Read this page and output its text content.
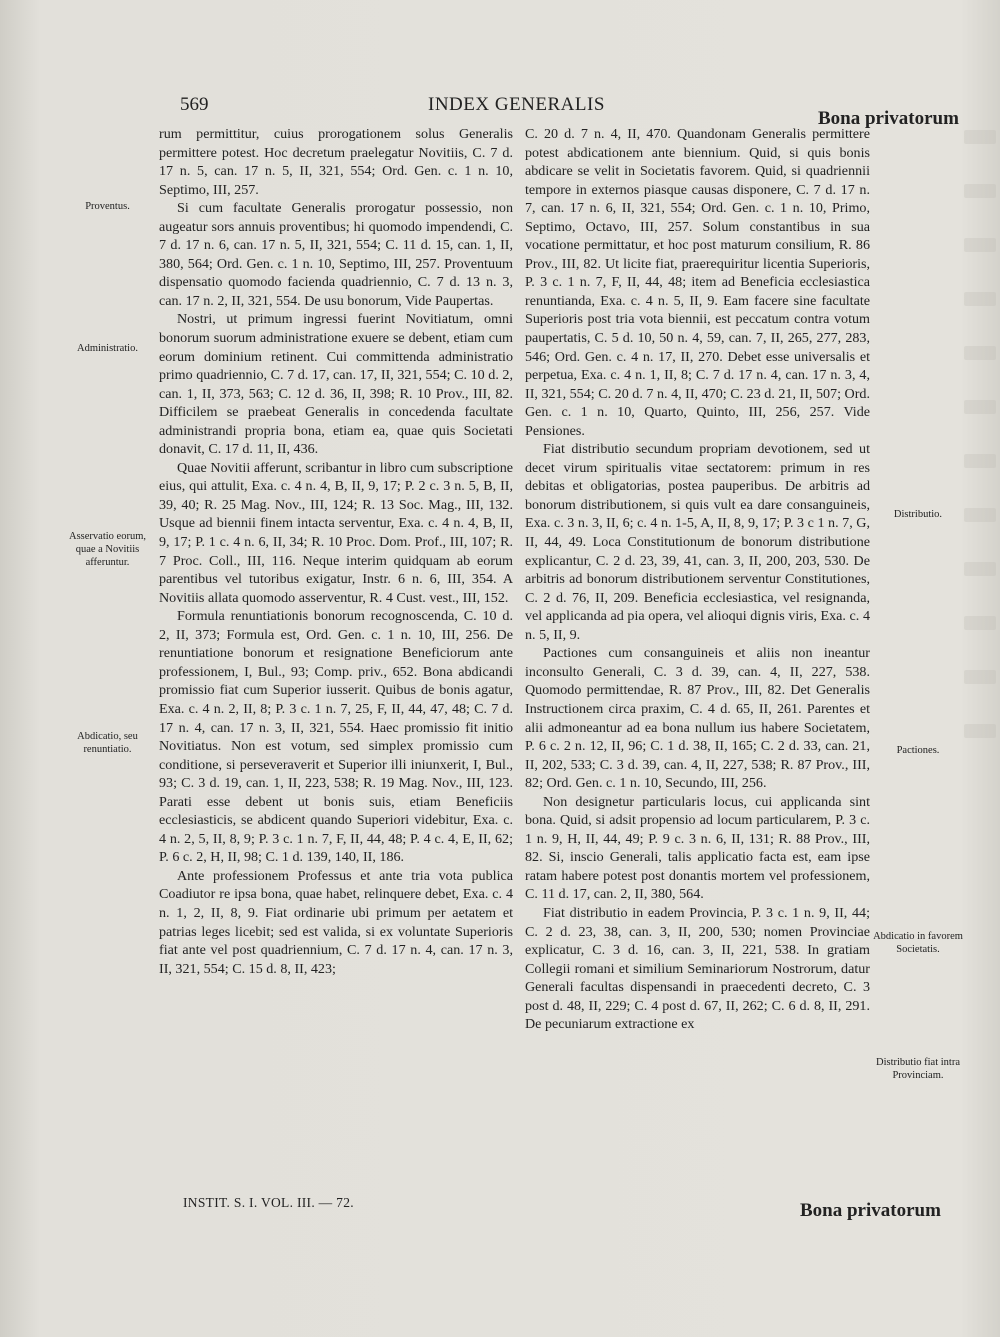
569	INDEX GENERALIS
Bona privatorum
Proventus.
Administratio.
Asservatio eorum, quae a Novitiis afferuntur.
Abdicatio, seu renuntiatio.
Distributio.
Pactiones.
Abdicatio in favorem Societatis.
Distributio fiat intra Provinciam.

rum permittitur, cuius prorogationem solus Generalis permittere potest. Hoc decretum praelegatur Novitiis, C. 7 d. 17 n. 5, can. 17 n. 5, II, 321, 554; Ord. Gen. c. 1 n. 10, Septimo, III, 257.

Si cum facultate Generalis prorogatur possessio, non augeatur sors annuis proventibus; hi quomodo impendendi, C. 7 d. 17 n. 6, can. 17 n. 5, II, 321, 554; C. 11 d. 15, can. 1, II, 380, 564; Ord. Gen. c. 1 n. 10, Septimo, III, 257. Proventuum dispensatio quomodo facienda quadriennio, C. 7 d. 13 n. 3, can. 17 n. 2, II, 321, 554. De usu bonorum, Vide Paupertas.

Nostri, ut primum ingressi fuerint Novitiatum, omni bonorum suorum administratione exuere se debent, etiam cum eorum dominium retinent. Cui committenda administratio primo quadriennio, C. 7 d. 17, can. 17, II, 321, 554; C. 10 d. 2, can. 1, II, 373, 563; C. 12 d. 36, II, 398; R. 10 Prov., III, 82. Difficilem se praebeat Generalis in concedenda facultate administrandi propria bona, etiam ea, quae quis Societati donavit, C. 17 d. 11, II, 436.

Quae Novitii afferunt, scribantur in libro cum subscriptione eius, qui attulit, Exa. c. 4 n. 4, B, II, 9, 17; P. 2 c. 3 n. 5, B, II, 39, 40; R. 25 Mag. Nov., III, 124; R. 13 Soc. Mag., III, 132. Usque ad biennii finem intacta serventur, Exa. c. 4 n. 4, B, II, 9, 17; P. 1 c. 4 n. 6, II, 34; R. 10 Proc. Dom. Prof., III, 107; R. 7 Proc. Coll., III, 116. Neque interim quidquam ab eorum parentibus vel tutoribus exigatur, Instr. 6 n. 6, III, 354. A Novitiis allata quomodo asserventur, R. 4 Cust. vest., III, 152.

Formula renuntiationis bonorum recognoscenda, C. 10 d. 2, II, 373; Formula est, Ord. Gen. c. 1 n. 10, III, 256. De renuntiatione bonorum et resignatione Beneficiorum ante professionem, I, Bul., 93; Comp. priv., 652. Bona abdicandi promissio fiat cum Superior iusserit. Quibus de bonis agatur, Exa. c. 4 n. 2, II, 8; P. 3 c. 1 n. 7, 25, F, II, 44, 47, 48; C. 7 d. 17 n. 4, can. 17 n. 3, II, 321, 554. Haec promissio fit initio Novitiatus. Non est votum, sed simplex promissio cum conditione, si perseveraverit et Superior illi iniunxerit, I, Bul., 93; C. 3 d. 19, can. 1, II, 223, 538; R. 19 Mag. Nov., III, 123. Parati esse debent ut bonis suis, etiam Beneficiis ecclesiasticis, se abdicent quando Superiori videbitur, Exa. c. 4 n. 2, 5, II, 8, 9; P. 3 c. 1 n. 7, F, II, 44, 48; P. 4 c. 4, E, II, 62; P. 6 c. 2, H, II, 98; C. 1 d. 139, 140, II, 186.

Ante professionem Professus et ante tria vota publica Coadiutor re ipsa bona, quae habet, relinquere debet, Exa. c. 4 n. 1, 2, II, 8, 9. Fiat ordinarie ubi primum per aetatem et patrias leges licebit; sed est valida, si ex voluntate Superioris fiat ante vel post quadriennium, C. 7 d. 17 n. 4, can. 17 n. 3, II, 321, 554; C. 15 d. 8, II, 423;

C. 20 d. 7 n. 4, II, 470. Quandonam Generalis permittere potest abdicationem ante biennium. Quid, si quis bonis abdicare se velit in Societatis favorem. Quid, si quadriennii tempore in externos piasque causas disponere, C. 7 d. 17 n. 7, can. 17 n. 6, II, 321, 554; Ord. Gen. c. 1 n. 10, Primo, Septimo, Octavo, III, 257. Solum constantibus in sua vocatione permittatur, et hoc post maturum consilium, R. 86 Prov., III, 82. Ut licite fiat, praerequiritur licentia Superioris, P. 3 c. 1 n. 7, F, II, 44, 48; item ad Beneficia ecclesiastica renuntianda, Exa. c. 4 n. 5, II, 9. Eam facere sine facultate Superioris post tria vota biennii, est peccatum contra votum paupertatis, C. 5 d. 10, 50 n. 4, 59, can. 7, II, 265, 277, 283, 546; Ord. Gen. c. 4 n. 17, II, 270. Debet esse universalis et perpetua, Exa. c. 4 n. 1, II, 8; C. 7 d. 17 n. 4, can. 17 n. 3, 4, II, 321, 554; C. 20 d. 7 n. 4, II, 470; C. 23 d. 21, II, 507; Ord. Gen. c. 1 n. 10, Quarto, Quinto, III, 256, 257. Vide Pensiones.

Fiat distributio secundum propriam devotionem, sed ut decet virum spiritualis vitae sectatorem: primum in res debitas et obligatorias, postea pauperibus. De arbitris ad bonorum distributionem, si quis vult ea dare consanguineis, Exa. c. 3 n. 3, II, 6; c. 4 n. 1-5, A, II, 8, 9, 17; P. 3 c 1 n. 7, G, II, 44, 49. Loca Constitutionum de bonorum distributione explicantur, C. 2 d. 23, 39, 41, can. 3, II, 200, 203, 530. De arbitris ad bonorum distributionem serventur Constitutiones, C. 2 d. 76, II, 209. Beneficia ecclesiastica, vel resignanda, vel applicanda ad pia opera, vel alioqui dignis viris, Exa. c. 4 n. 5, II, 9.

Pactiones cum consanguineis et aliis non ineantur inconsulto Generali, C. 3 d. 39, can. 4, II, 227, 538. Quomodo permittendae, R. 87 Prov., III, 82. Det Generalis Instructionem circa praxim, C. 4 d. 65, II, 261. Parentes et alii admoneantur ad ea bona nullum ius habere Societatem, P. 6 c. 2 n. 12, II, 96; C. 1 d. 38, II, 165; C. 2 d. 33, can. 21, II, 202, 533; C. 3 d. 39, can. 4, II, 227, 538; R. 87 Prov., III, 82; Ord. Gen. c. 1 n. 10, Secundo, III, 256.

Non designetur particularis locus, cui applicanda sint bona. Quid, si adsit propensio ad locum particularem, P. 3 c. 1 n. 9, H, II, 44, 49; P. 9 c. 3 n. 6, II, 131; R. 88 Prov., III, 82. Si, inscio Generali, talis applicatio facta est, eam ipse ratam habere potest post donantis mortem vel professionem, C. 11 d. 17, can. 2, II, 380, 564.

Fiat distributio in eadem Provincia, P. 3 c. 1 n. 9, II, 44; C. 2 d. 23, 38, can. 3, II, 200, 530; nomen Provinciae explicatur, C. 3 d. 16, can. 3, II, 221, 538. In gratiam Collegii romani et similium Seminariorum Nostrorum, datur Generali facultas dispensandi in praecedenti decreto, C. 3 post d. 48, II, 229; C. 4 post d. 67, II, 262; C. 6 d. 8, II, 291. De pecuniarum extractione ex

INSTIT. S. I. VOL. III. — 72.	Bona privatorum
